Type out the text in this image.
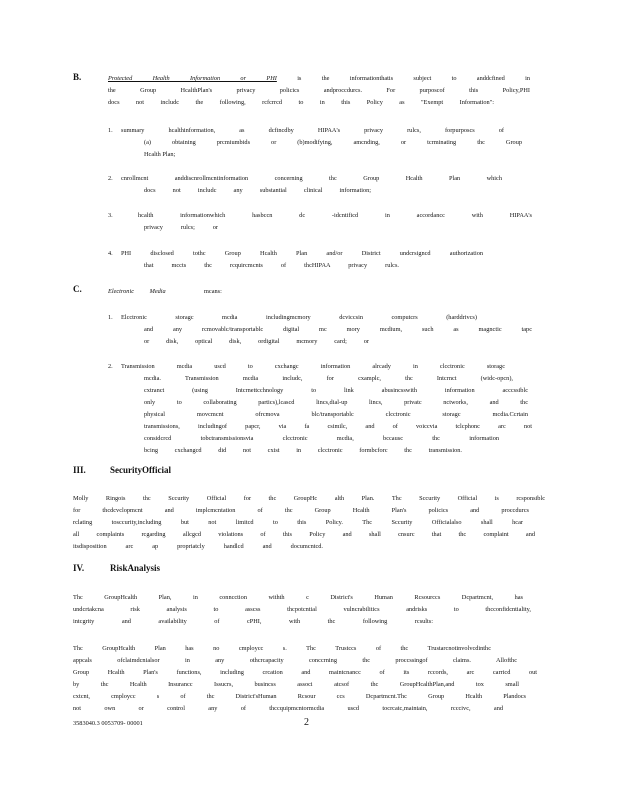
B.	Protected Health Information or PHI	is the informationthatis subject to anddcfined in
the Group HcalthPlan's privacy policics andproccdurcs. For purposcof this Policy,PHI
docs not includc the following, rcfcrrcd to in this Policy as "Exempt Information":
1. summary hcalthinformation, as dcfincdby HIPAA's privacy rulcs, forpurposcs of
(a) obtaining prcmiumbids or (b)modifying, amcnding, or tcrminating thc Group
Hcalth Plan;
2. cnrollmcnt anddiscnrollmcntinformation concerning thc Group Hcalth Plan which
docs not includc any substantial clinical information;
3.	hcalth informationwhich hasbccn dc -idcntificd in accordancc with HIPAA's
privacy rulcs; or
4. PHI disclosed tothc Group Hcalth Plan and/or District undcrsigncd authorization
that mccts thc rcquircmcnts of thcHIPAA privacy rulcs.
C.	Electronic Media	mcans:
1. Elcctronic storagc mcdia includingmcmory dcviccsin computcrs (harddrivcs)
and any rcmovablc/transportablc digital mc mory mcdium, such as magnctic tapc
or disk, optical disk, ordigital mcmory card; or
2. Transmission mcdia uscd to cxchangc information alrcady in clcctronic storagc
mcdia. Transmission mcdia includc, for cxamplc, thc Intcrnct (widc-opcn),
cxtranct (using Intcrnettcchnology to link abusincsswith information acccssiblc
only to collaborating partics),lcascd lincs,dial-up lincs, privatc nctworks, and thc
physical movcmcnt ofrcmova blc/transportablc clcctronic storagc mcdia.Ccrtain
transmissions, includingof papcr, via fa csimilc, and of voiccvia tclcphonc arc not
considcrcd tobctransmissionsvia clcctronic mcdia, bccausc thc information
bcing cxchangcd did not cxist in clcctronic formbcforc thc transmission.
III.	SecurityOfficial
Molly Ringois thc Sccurity Official for thc GroupHc alth Plan. Thc Sccurity Official is rcsponsiblc
for thcdcvclopmcnt and implcmcntation of thc Group Hcalth Plan's policics and proccdurcs
rclating tosccurity,including but not limitcd to this Policy. Thc Sccurity Officialalso shall hcar
all complaints rcgarding allcgcd violations of this Policy and shall cnsurc that thc complaint and
itsdisposition arc ap propriatcly handlcd and documcntcd.
IV.	RiskAnalysis
Thc GroupHcalth Plan, in conncction withth c District's Human Rcsourccs Dcpartmcnt, has
undcrtakcna risk analysis to asscss thcpotcntial vulncrabilitics andrisks to thcconfidcntiality,
intcgrity and availability of cPHI, with thc following rcsults:
Thc GroupHcalth Plan has no cmploycc s. Thc Trustccs of thc Trustarcnotinvolvcdinthc
appcals ofclaimdcnialsor in any othcrcapacity conccrning thc proccssingof claims. Allofthc
Group Hcalth Plan's functions, including crcation and maintcnancc of its rccords, arc carricd out
by thc Hcalth Insurancc Issucrs, busincss associ atcsof thc GroupHcalthPlan,and tox small
cxtcnt, cmploycc s of thc District'sHuman Rcsour ccs Dcpartmcnt.Thc Group Hcalth Plandocs
not own or control any of thccquipmcntormcdia uscd tocrcatc,maintain, rcccivc, and
3583040.3 0053709- 00001	2
